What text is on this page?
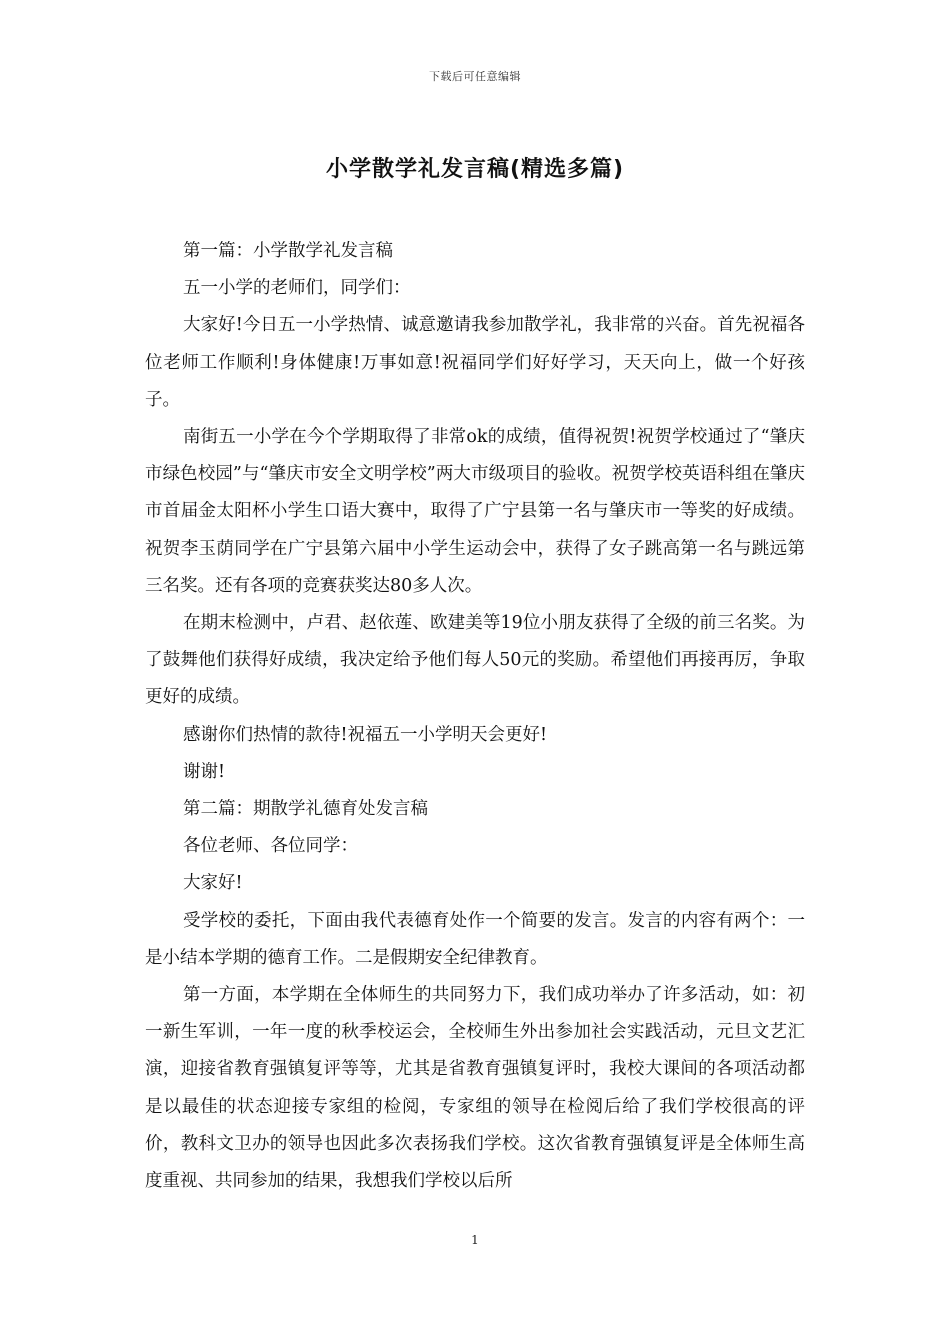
下载后可任意编辑
小学散学礼发言稿(精选多篇)

第一篇：小学散学礼发言稿

五一小学的老师们，同学们：

大家好!今日五一小学热情、诚意邀请我参加散学礼，我非常的兴奋。首先祝福各位老师工作顺利!身体健康!万事如意!祝福同学们好好学习，天天向上，做一个好孩子。

南街五一小学在今个学期取得了非常ok的成绩，值得祝贺!祝贺学校通过了“肇庆市绿色校园”与“肇庆市安全文明学校”两大市级项目的验收。祝贺学校英语科组在肇庆市首届金太阳杯小学生口语大赛中，取得了广宁县第一名与肇庆市一等奖的好成绩。祝贺李玉荫同学在广宁县第六届中小学生运动会中，获得了女子跳高第一名与跳远第三名奖。还有各项的竞赛获奖达80多人次。

在期末检测中，卢君、赵依莲、欧建美等19位小朋友获得了全级的前三名奖。为了鼓舞他们获得好成绩，我决定给予他们每人50元的奖励。希望他们再接再厉，争取更好的成绩。

感谢你们热情的款待!祝福五一小学明天会更好!

谢谢!

第二篇：期散学礼德育处发言稿

各位老师、各位同学：

大家好!

受学校的委托，下面由我代表德育处作一个简要的发言。发言的内容有两个：一是小结本学期的德育工作。二是假期安全纪律教育。

第一方面，本学期在全体师生的共同努力下，我们成功举办了许多活动，如：初一新生军训，一年一度的秋季校运会，全校师生外出参加社会实践活动，元旦文艺汇演，迎接省教育强镇复评等等，尤其是省教育强镇复评时，我校大课间的各项活动都是以最佳的状态迎接专家组的检阅，专家组的领导在检阅后给了我们学校很高的评价，教科文卫办的领导也因此多次表扬我们学校。这次省教育强镇复评是全体师生高度重视、共同参加的结果，我想我们学校以后所

1
